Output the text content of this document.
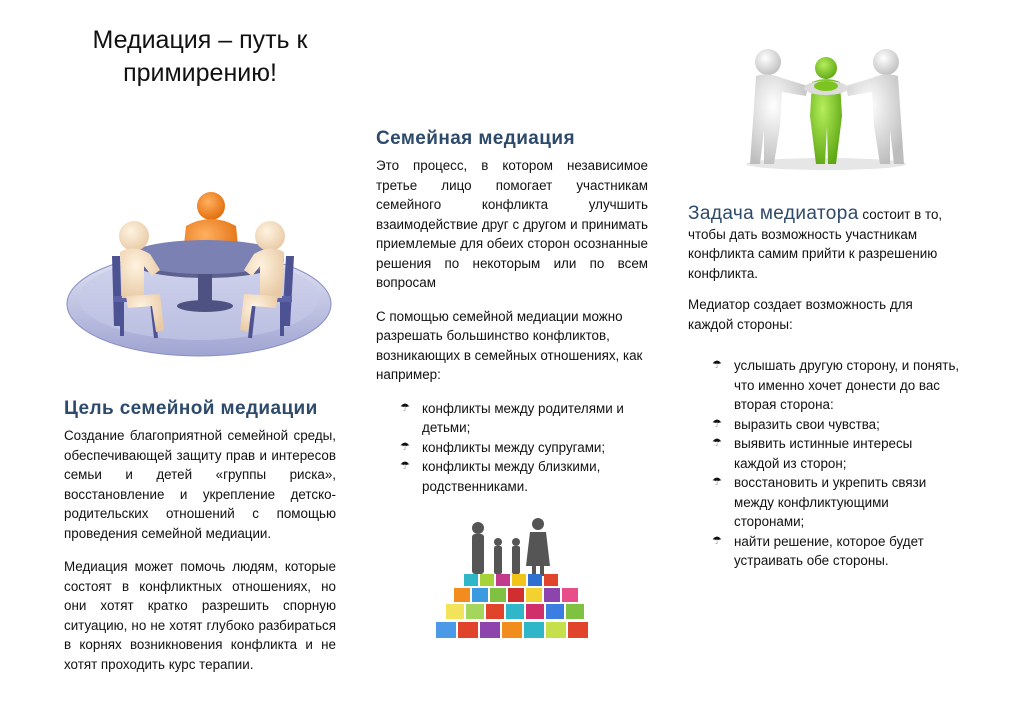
Медиация – путь к примирению!
Цель семейной медиации

Создание благоприятной семейной среды, обеспечивающей защиту прав и интересов семьи и детей «группы риска», восстановление и укрепление детско-родительских отношений с помощью проведения семейной медиации.

Медиация может помочь людям, которые состоят в конфликтных отношениях, но они хотят кратко разрешить спорную ситуацию, но не хотят глубоко разбираться в корнях возникновения конфликта и не хотят проходить курс терапии.

Семейная медиация

Это процесс, в котором независимое третье лицо помогает участникам семейного конфликта улучшить взаимодействие друг с другом и принимать приемлемые для обеих сторон осознанные решения по некоторым или по всем вопросам

С помощью семейной медиации можно разрешать большинство конфликтов, возникающих в семейных отношениях, как например:

☂ конфликты между родителями и детьми;
☂ конфликты между супругами;
☂ конфликты между близкими, родственниками.

Задача медиатора состоит в то, чтобы дать возможность участникам конфликта самим прийти к разрешению конфликта.

Медиатор создает возможность для каждой стороны:

☂ услышать другую сторону, и понять, что именно хочет донести до вас вторая сторона:
☂ выразить свои чувства;
☂ выявить истинные интересы каждой из сторон;
☂ восстановить и укрепить связи между конфликтующими сторонами;
☂ найти решение, которое будет устраивать обе стороны.
